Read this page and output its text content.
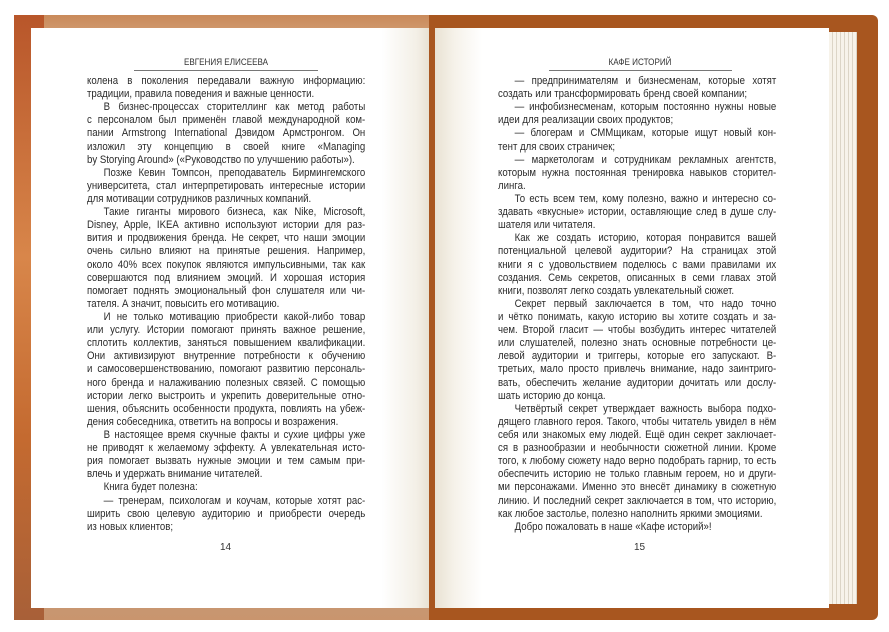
ЕВГЕНИЯ ЕЛИСЕЕВА
колена в поколения передавали важную информацию:
традиции, правила поведения и важные ценности.
В бизнес-процессах сторителлинг как метод работы
с персоналом был применён главой международной ком-
пании Armstrong International Дэвидом Армстронгом. Он
изложил эту концепцию в своей книге «Managing
by Storying Around» («Руководство по улучшению работы»).
Позже Кевин Томпсон, преподаватель Бирмингемского
университета, стал интерпретировать интересные истории
для мотивации сотрудников различных компаний.
Такие гиганты мирового бизнеса, как Nike, Microsoft,
Disney, Apple, IKEA активно используют истории для раз-
вития и продвижения бренда. Не секрет, что наши эмоции
очень сильно влияют на принятые решения. Например,
около 40% всех покупок являются импульсивными, так как
совершаются под влиянием эмоций. И хорошая история
помогает поднять эмоциональный фон слушателя или чи-
тателя. А значит, повысить его мотивацию.
И не только мотивацию приобрести какой-либо товар
или услугу. Истории помогают принять важное решение,
сплотить коллектив, заняться повышением квалификации.
Они активизируют внутренние потребности к обучению
и самосовершенствованию, помогают развитию персональ-
ного бренда и налаживанию полезных связей. С помощью
истории легко выстроить и укрепить доверительные отно-
шения, объяснить особенности продукта, повлиять на убеж-
дения собеседника, ответить на вопросы и возражения.
В настоящее время скучные факты и сухие цифры уже
не приводят к желаемому эффекту. А увлекательная исто-
рия помогает вызвать нужные эмоции и тем самым при-
влечь и удержать внимание читателей.
Книга будет полезна:
— тренерам, психологам и коучам, которые хотят рас-
ширить свою целевую аудиторию и приобрести очередь
из новых клиентов;
14
КАФЕ ИСТОРИЙ
— предпринимателям и бизнесменам, которые хотят
создать или трансформировать бренд своей компании;
— инфобизнесменам, которым постоянно нужны новые
идеи для реализации своих продуктов;
— блогерам и СММщикам, которые ищут новый кон-
тент для своих страничек;
— маркетологам и сотрудникам рекламных агентств,
которым нужна постоянная тренировка навыков сторител-
линга.
То есть всем тем, кому полезно, важно и интересно со-
здавать «вкусные» истории, оставляющие след в душе слу-
шателя или читателя.
Как же создать историю, которая понравится вашей
потенциальной целевой аудитории? На страницах этой
книги я с удовольствием поделюсь с вами правилами их
создания. Семь секретов, описанных в семи главах этой
книги, позволят легко создать увлекательный сюжет.
Секрет первый заключается в том, что надо точно
и чётко понимать, какую историю вы хотите создать и за-
чем. Второй гласит — чтобы возбудить интерес читателей
или слушателей, полезно знать основные потребности це-
левой аудитории и триггеры, которые его запускают. В-
третьих, мало просто привлечь внимание, надо заинтриго-
вать, обеспечить желание аудитории дочитать или дослу-
шать историю до конца.
Четвёртый секрет утверждает важность выбора подхо-
дящего главного героя. Такого, чтобы читатель увидел в нём
себя или знакомых ему людей. Ещё один секрет заключает-
ся в разнообразии и необычности сюжетной линии. Кроме
того, к любому сюжету надо верно подобрать гарнир, то есть
обеспечить историю не только главным героем, но и други-
ми персонажами. Именно это внесёт динамику в сюжетную
линию. И последний секрет заключается в том, что историю,
как любое застолье, полезно наполнить яркими эмоциями.
Добро пожаловать в наше «Кафе историй»!
15
